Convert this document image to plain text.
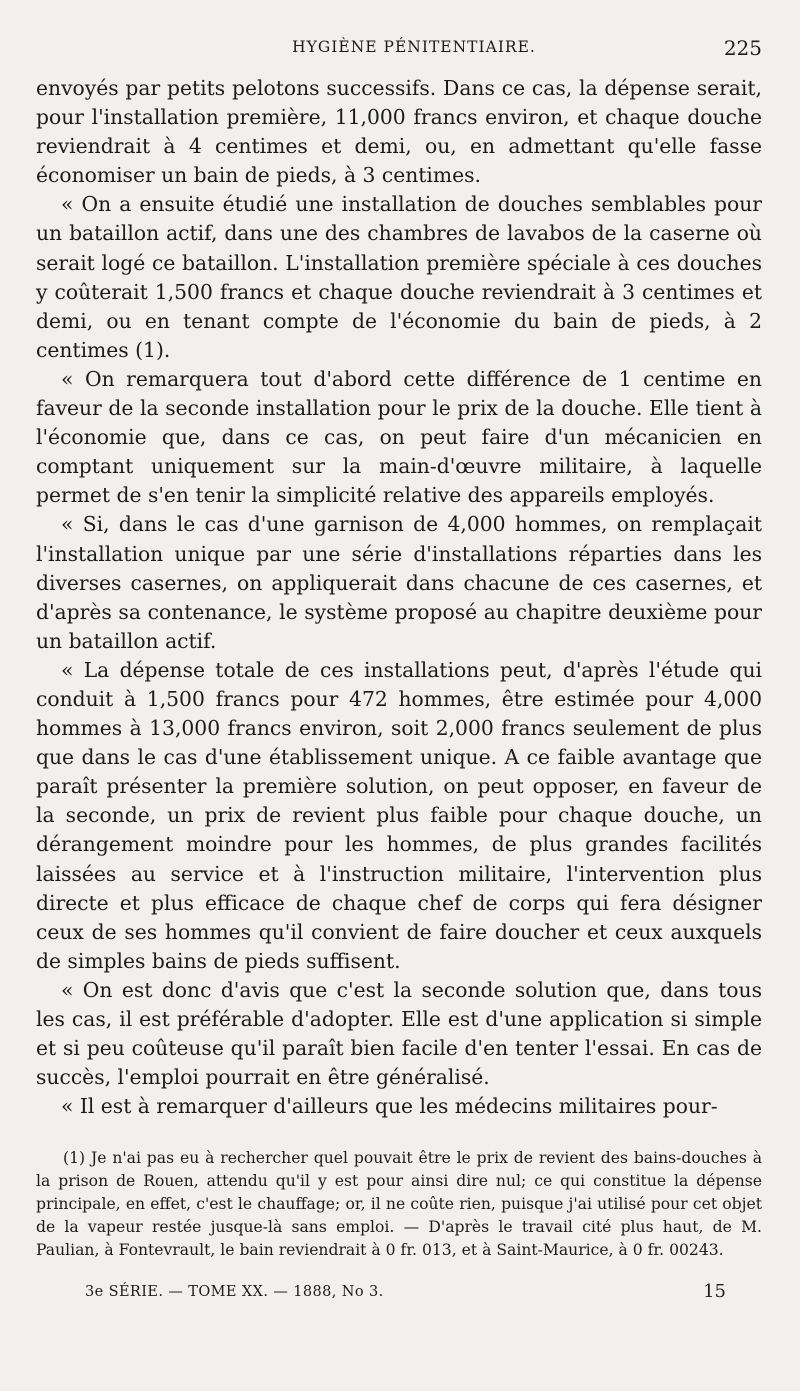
HYGIÈNE PÉNITENTIAIRE.	225

envoyés par petits pelotons successifs. Dans ce cas, la dépense serait, pour l'installation première, 11,000 francs environ, et chaque douche reviendrait à 4 centimes et demi, ou, en admettant qu'elle fasse économiser un bain de pieds, à 3 centimes.

« On a ensuite étudié une installation de douches semblables pour un bataillon actif, dans une des chambres de lavabos de la caserne où serait logé ce bataillon. L'installation première spéciale à ces douches y coûterait 1,500 francs et chaque douche reviendrait à 3 centimes et demi, ou en tenant compte de l'économie du bain de pieds, à 2 centimes (1).

« On remarquera tout d'abord cette différence de 1 centime en faveur de la seconde installation pour le prix de la douche. Elle tient à l'économie que, dans ce cas, on peut faire d'un mécanicien en comptant uniquement sur la main-d'œuvre militaire, à laquelle permet de s'en tenir la simplicité relative des appareils employés.

« Si, dans le cas d'une garnison de 4,000 hommes, on remplaçait l'installation unique par une série d'installations réparties dans les diverses casernes, on appliquerait dans chacune de ces casernes, et d'après sa contenance, le système proposé au chapitre deuxième pour un bataillon actif.

« La dépense totale de ces installations peut, d'après l'étude qui conduit à 1,500 francs pour 472 hommes, être estimée pour 4,000 hommes à 13,000 francs environ, soit 2,000 francs seulement de plus que dans le cas d'une établissement unique. A ce faible avantage que paraît présenter la première solution, on peut opposer, en faveur de la seconde, un prix de revient plus faible pour chaque douche, un dérangement moindre pour les hommes, de plus grandes facilités laissées au service et à l'instruction militaire, l'intervention plus directe et plus efficace de chaque chef de corps qui fera désigner ceux de ses hommes qu'il convient de faire doucher et ceux auxquels de simples bains de pieds suffisent.

« On est donc d'avis que c'est la seconde solution que, dans tous les cas, il est préférable d'adopter. Elle est d'une application si simple et si peu coûteuse qu'il paraît bien facile d'en tenter l'essai. En cas de succès, l'emploi pourrait en être généralisé.

« Il est à remarquer d'ailleurs que les médecins militaires pour-

(1) Je n'ai pas eu à rechercher quel pouvait être le prix de revient des bains-douches à la prison de Rouen, attendu qu'il y est pour ainsi dire nul; ce qui constitue la dépense principale, en effet, c'est le chauffage; or, il ne coûte rien, puisque j'ai utilisé pour cet objet de la vapeur restée jusque-là sans emploi. — D'après le travail cité plus haut, de M. Paulian, à Fontevrault, le bain reviendrait à 0 fr. 013, et à Saint-Maurice, à 0 fr. 00243.

3e SÉRIE. — TOME XX. — 1888, No 3.	15
